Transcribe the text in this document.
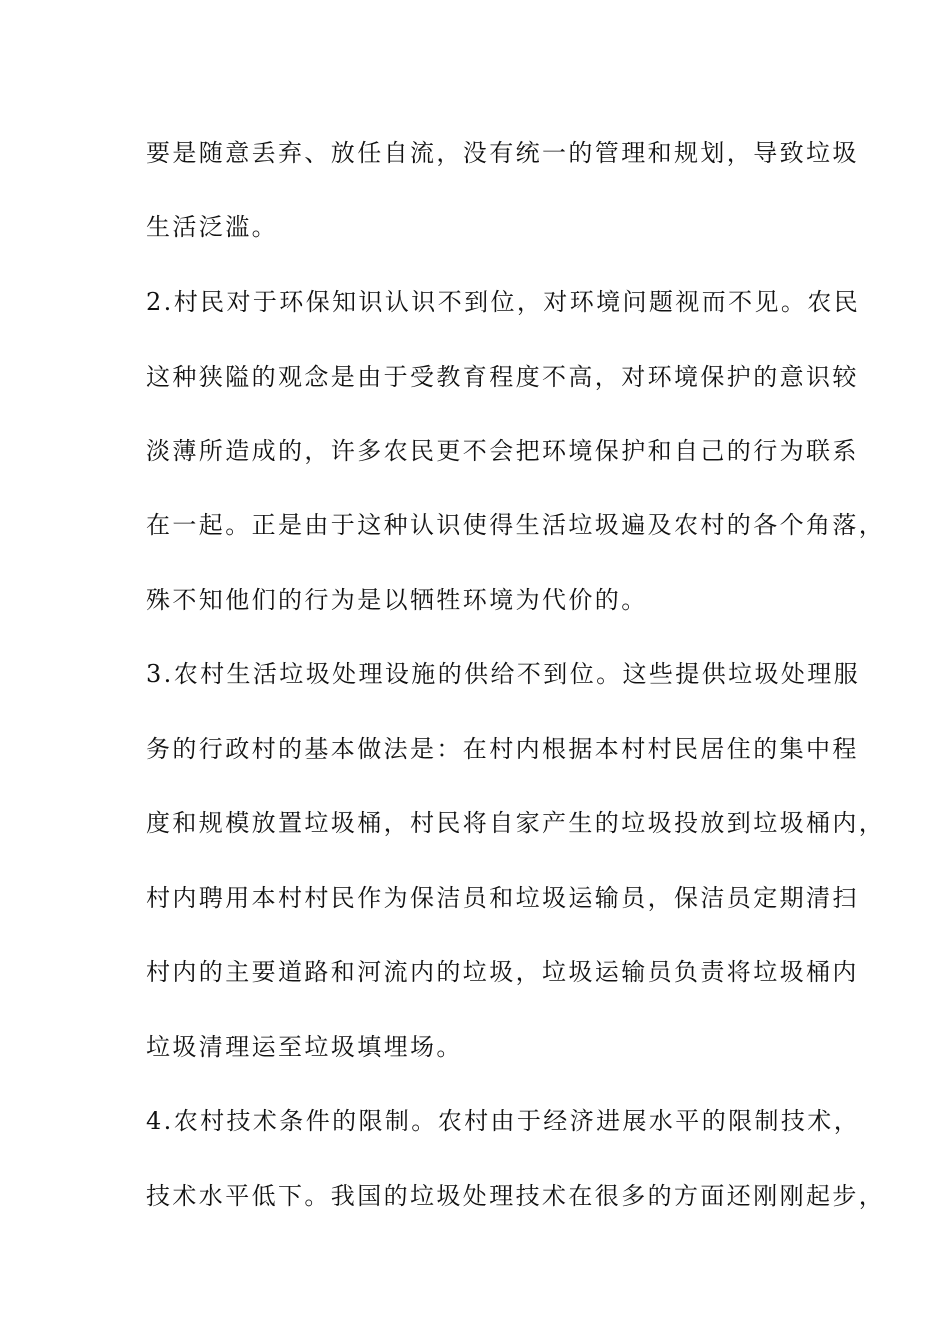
要是随意丢弃、放任自流，没有统一的管理和规划，导致垃圾
生活泛滥。
2.村民对于环保知识认识不到位，对环境问题视而不见。农民
这种狭隘的观念是由于受教育程度不高，对环境保护的意识较
淡薄所造成的，许多农民更不会把环境保护和自己的行为联系
在一起。正是由于这种认识使得生活垃圾遍及农村的各个角落，
殊不知他们的行为是以牺牲环境为代价的。
3.农村生活垃圾处理设施的供给不到位。这些提供垃圾处理服
务的行政村的基本做法是：在村内根据本村村民居住的集中程
度和规模放置垃圾桶，村民将自家产生的垃圾投放到垃圾桶内，
村内聘用本村村民作为保洁员和垃圾运输员，保洁员定期清扫
村内的主要道路和河流内的垃圾，垃圾运输员负责将垃圾桶内
垃圾清理运至垃圾填埋场。
4.农村技术条件的限制。农村由于经济进展水平的限制技术，
技术水平低下。我国的垃圾处理技术在很多的方面还刚刚起步，
